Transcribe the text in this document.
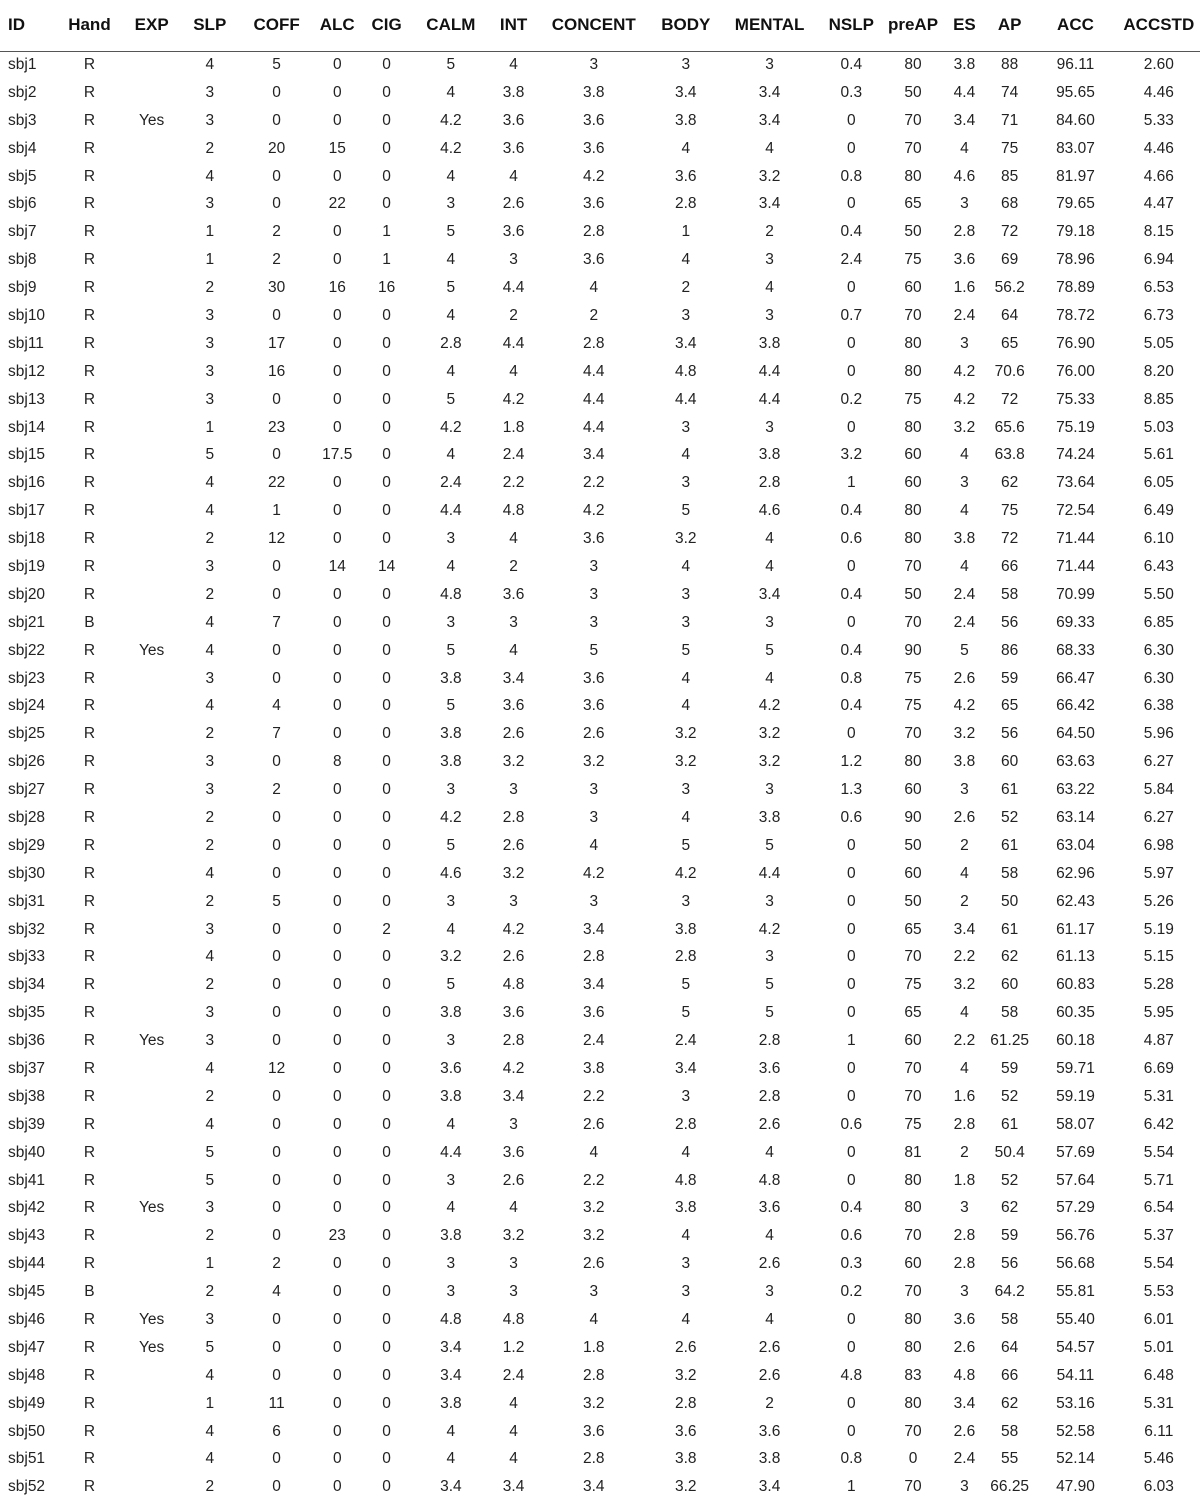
ID	Hand	EXP	SLP	COFF	ALC	CIG	CALM	INT	CONCENT	BODY	MENTAL	NSLP	preAP	ES	AP	ACC	ACCSTD
sbj1	R		4	5	0	0	5	4	3	3	3	0.4	80	3.8	88	96.11	2.60
sbj2	R		3	0	0	0	4	3.8	3.8	3.4	3.4	0.3	50	4.4	74	95.65	4.46
sbj3	R	Yes	3	0	0	0	4.2	3.6	3.6	3.8	3.4	0	70	3.4	71	84.60	5.33
sbj4	R		2	20	15	0	4.2	3.6	3.6	4	4	0	70	4	75	83.07	4.46
sbj5	R		4	0	0	0	4	4	4.2	3.6	3.2	0.8	80	4.6	85	81.97	4.66
sbj6	R		3	0	22	0	3	2.6	3.6	2.8	3.4	0	65	3	68	79.65	4.47
sbj7	R		1	2	0	1	5	3.6	2.8	1	2	0.4	50	2.8	72	79.18	8.15
sbj8	R		1	2	0	1	4	3	3.6	4	3	2.4	75	3.6	69	78.96	6.94
sbj9	R		2	30	16	16	5	4.4	4	2	4	0	60	1.6	56.2	78.89	6.53
sbj10	R		3	0	0	0	4	2	2	3	3	0.7	70	2.4	64	78.72	6.73
sbj11	R		3	17	0	0	2.8	4.4	2.8	3.4	3.8	0	80	3	65	76.90	5.05
sbj12	R		3	16	0	0	4	4	4.4	4.8	4.4	0	80	4.2	70.6	76.00	8.20
sbj13	R		3	0	0	0	5	4.2	4.4	4.4	4.4	0.2	75	4.2	72	75.33	8.85
sbj14	R		1	23	0	0	4.2	1.8	4.4	3	3	0	80	3.2	65.6	75.19	5.03
sbj15	R		5	0	17.5	0	4	2.4	3.4	4	3.8	3.2	60	4	63.8	74.24	5.61
sbj16	R		4	22	0	0	2.4	2.2	2.2	3	2.8	1	60	3	62	73.64	6.05
sbj17	R		4	1	0	0	4.4	4.8	4.2	5	4.6	0.4	80	4	75	72.54	6.49
sbj18	R		2	12	0	0	3	4	3.6	3.2	4	0.6	80	3.8	72	71.44	6.10
sbj19	R		3	0	14	14	4	2	3	4	4	0	70	4	66	71.44	6.43
sbj20	R		2	0	0	0	4.8	3.6	3	3	3.4	0.4	50	2.4	58	70.99	5.50
sbj21	B		4	7	0	0	3	3	3	3	3	0	70	2.4	56	69.33	6.85
sbj22	R	Yes	4	0	0	0	5	4	5	5	5	0.4	90	5	86	68.33	6.30
sbj23	R		3	0	0	0	3.8	3.4	3.6	4	4	0.8	75	2.6	59	66.47	6.30
sbj24	R		4	4	0	0	5	3.6	3.6	4	4.2	0.4	75	4.2	65	66.42	6.38
sbj25	R		2	7	0	0	3.8	2.6	2.6	3.2	3.2	0	70	3.2	56	64.50	5.96
sbj26	R		3	0	8	0	3.8	3.2	3.2	3.2	3.2	1.2	80	3.8	60	63.63	6.27
sbj27	R		3	2	0	0	3	3	3	3	3	1.3	60	3	61	63.22	5.84
sbj28	R		2	0	0	0	4.2	2.8	3	4	3.8	0.6	90	2.6	52	63.14	6.27
sbj29	R		2	0	0	0	5	2.6	4	5	5	0	50	2	61	63.04	6.98
sbj30	R		4	0	0	0	4.6	3.2	4.2	4.2	4.4	0	60	4	58	62.96	5.97
sbj31	R		2	5	0	0	3	3	3	3	3	0	50	2	50	62.43	5.26
sbj32	R		3	0	0	2	4	4.2	3.4	3.8	4.2	0	65	3.4	61	61.17	5.19
sbj33	R		4	0	0	0	3.2	2.6	2.8	2.8	3	0	70	2.2	62	61.13	5.15
sbj34	R		2	0	0	0	5	4.8	3.4	5	5	0	75	3.2	60	60.83	5.28
sbj35	R		3	0	0	0	3.8	3.6	3.6	5	5	0	65	4	58	60.35	5.95
sbj36	R	Yes	3	0	0	0	3	2.8	2.4	2.4	2.8	1	60	2.2	61.25	60.18	4.87
sbj37	R		4	12	0	0	3.6	4.2	3.8	3.4	3.6	0	70	4	59	59.71	6.69
sbj38	R		2	0	0	0	3.8	3.4	2.2	3	2.8	0	70	1.6	52	59.19	5.31
sbj39	R		4	0	0	0	4	3	2.6	2.8	2.6	0.6	75	2.8	61	58.07	6.42
sbj40	R		5	0	0	0	4.4	3.6	4	4	4	0	81	2	50.4	57.69	5.54
sbj41	R		5	0	0	0	3	2.6	2.2	4.8	4.8	0	80	1.8	52	57.64	5.71
sbj42	R	Yes	3	0	0	0	4	4	3.2	3.8	3.6	0.4	80	3	62	57.29	6.54
sbj43	R		2	0	23	0	3.8	3.2	3.2	4	4	0.6	70	2.8	59	56.76	5.37
sbj44	R		1	2	0	0	3	3	2.6	3	2.6	0.3	60	2.8	56	56.68	5.54
sbj45	B		2	4	0	0	3	3	3	3	3	0.2	70	3	64.2	55.81	5.53
sbj46	R	Yes	3	0	0	0	4.8	4.8	4	4	4	0	80	3.6	58	55.40	6.01
sbj47	R	Yes	5	0	0	0	3.4	1.2	1.8	2.6	2.6	0	80	2.6	64	54.57	5.01
sbj48	R		4	0	0	0	3.4	2.4	2.8	3.2	2.6	4.8	83	4.8	66	54.11	6.48
sbj49	R		1	11	0	0	3.8	4	3.2	2.8	2	0	80	3.4	62	53.16	5.31
sbj50	R		4	6	0	0	4	4	3.6	3.6	3.6	0	70	2.6	58	52.58	6.11
sbj51	R		4	0	0	0	4	4	2.8	3.8	3.8	0.8	0	2.4	55	52.14	5.46
sbj52	R		2	0	0	0	3.4	3.4	3.4	3.2	3.4	1	70	3	66.25	47.90	6.03
